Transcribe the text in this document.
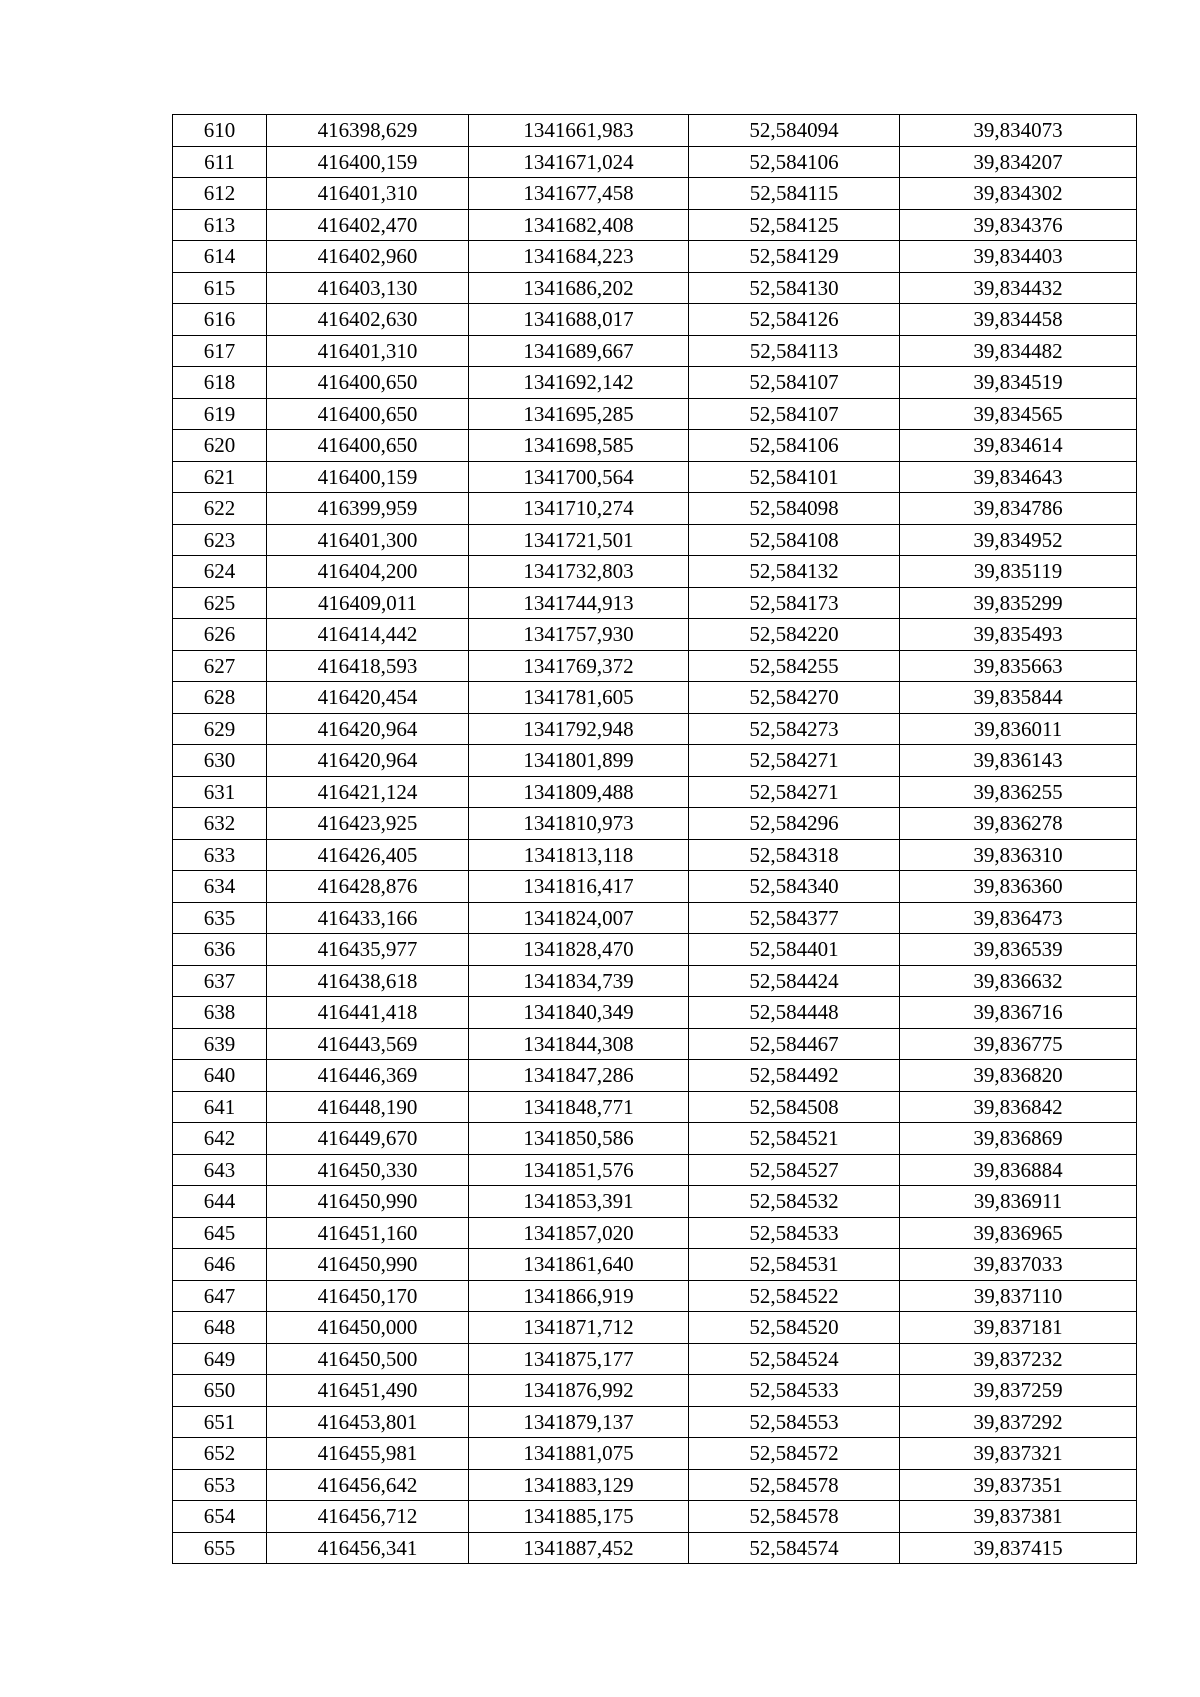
610	416398,629	1341661,983	52,584094	39,834073
611	416400,159	1341671,024	52,584106	39,834207
612	416401,310	1341677,458	52,584115	39,834302
613	416402,470	1341682,408	52,584125	39,834376
614	416402,960	1341684,223	52,584129	39,834403
615	416403,130	1341686,202	52,584130	39,834432
616	416402,630	1341688,017	52,584126	39,834458
617	416401,310	1341689,667	52,584113	39,834482
618	416400,650	1341692,142	52,584107	39,834519
619	416400,650	1341695,285	52,584107	39,834565
620	416400,650	1341698,585	52,584106	39,834614
621	416400,159	1341700,564	52,584101	39,834643
622	416399,959	1341710,274	52,584098	39,834786
623	416401,300	1341721,501	52,584108	39,834952
624	416404,200	1341732,803	52,584132	39,835119
625	416409,011	1341744,913	52,584173	39,835299
626	416414,442	1341757,930	52,584220	39,835493
627	416418,593	1341769,372	52,584255	39,835663
628	416420,454	1341781,605	52,584270	39,835844
629	416420,964	1341792,948	52,584273	39,836011
630	416420,964	1341801,899	52,584271	39,836143
631	416421,124	1341809,488	52,584271	39,836255
632	416423,925	1341810,973	52,584296	39,836278
633	416426,405	1341813,118	52,584318	39,836310
634	416428,876	1341816,417	52,584340	39,836360
635	416433,166	1341824,007	52,584377	39,836473
636	416435,977	1341828,470	52,584401	39,836539
637	416438,618	1341834,739	52,584424	39,836632
638	416441,418	1341840,349	52,584448	39,836716
639	416443,569	1341844,308	52,584467	39,836775
640	416446,369	1341847,286	52,584492	39,836820
641	416448,190	1341848,771	52,584508	39,836842
642	416449,670	1341850,586	52,584521	39,836869
643	416450,330	1341851,576	52,584527	39,836884
644	416450,990	1341853,391	52,584532	39,836911
645	416451,160	1341857,020	52,584533	39,836965
646	416450,990	1341861,640	52,584531	39,837033
647	416450,170	1341866,919	52,584522	39,837110
648	416450,000	1341871,712	52,584520	39,837181
649	416450,500	1341875,177	52,584524	39,837232
650	416451,490	1341876,992	52,584533	39,837259
651	416453,801	1341879,137	52,584553	39,837292
652	416455,981	1341881,075	52,584572	39,837321
653	416456,642	1341883,129	52,584578	39,837351
654	416456,712	1341885,175	52,584578	39,837381
655	416456,341	1341887,452	52,584574	39,837415
